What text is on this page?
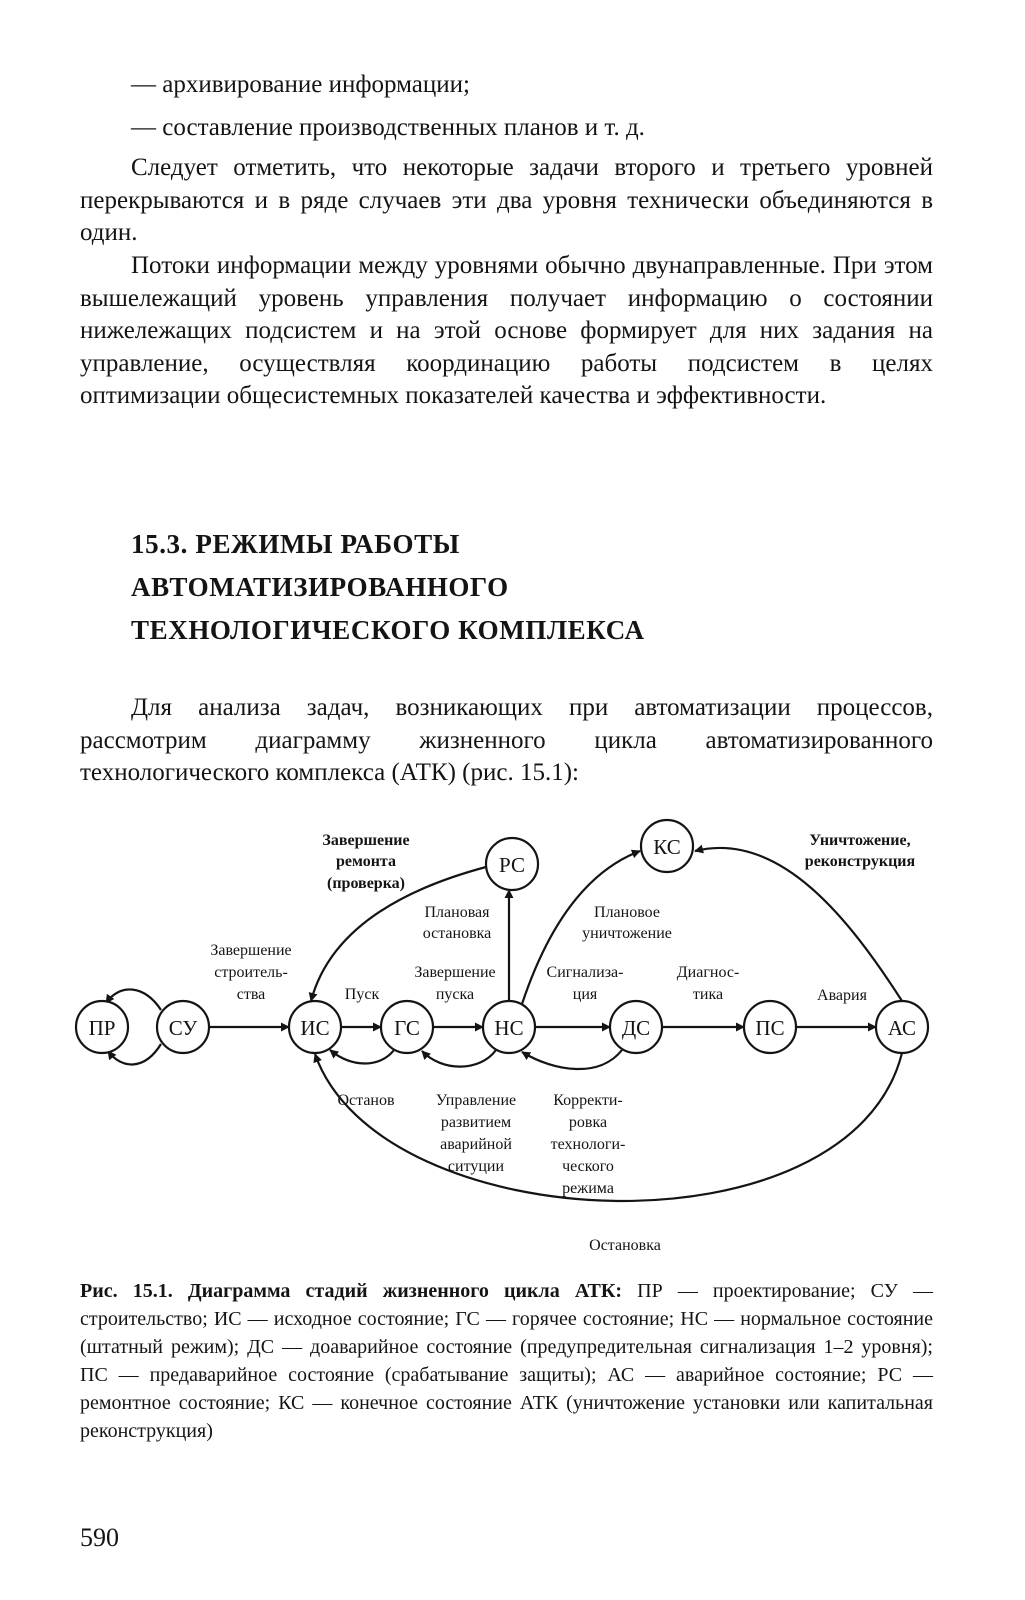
— архивирование информации;
— составление производственных планов и т. д.

Следует отметить, что некоторые задачи второго и третьего уровней перекрываются и в ряде случаев эти два уровня технически объединяются в один.

Потоки информации между уровнями обычно двунаправленные. При этом вышележащий уровень управления получает информацию о состоянии нижележащих подсистем и на этой основе формирует для них задания на управление, осуществляя координацию работы подсистем в целях оптимизации общесистемных показателей качества и эффективности.

15.3. РЕЖИМЫ РАБОТЫ
АВТОМАТИЗИРОВАННОГО
ТЕХНОЛОГИЧЕСКОГО КОМПЛЕКСА

Для анализа задач, возникающих при автоматизации процессов, рассмотрим диаграмму жизненного цикла автоматизированного технологического комплекса (АТК) (рис. 15.1):

ПР	СУ	ИС	ГС	НС	ДС	ПС	АС
РС
КС
Завершение
ремонта
(проверка)
Уничтожение,
реконструкция
Плановая
остановка
Плановое
уничтожение
Завершение
строитель-
ства	Пуск
Завершение
пуска
Сигнализа-
ция
Диагнос-
тика	Авария
Останов	Управление
развитием
аварийной
ситуции
Корректи-
ровка
технологи-
ческого
режима
Остановка

Рис. 15.1. Диаграмма стадий жизненного цикла АТК: ПР — проектирование; СУ — строительство; ИС — исходное состояние; ГС — горячее состояние; НС — нормальное состояние (штатный режим); ДС — доаварийное состояние (предупредительная сигнализация 1–2 уровня); ПС — предаварийное состояние (срабатывание защиты); АС — аварийное состояние; РС — ремонтное состояние; КС — конечное состояние АТК (уничтожение установки или капитальная реконструкция)

590
